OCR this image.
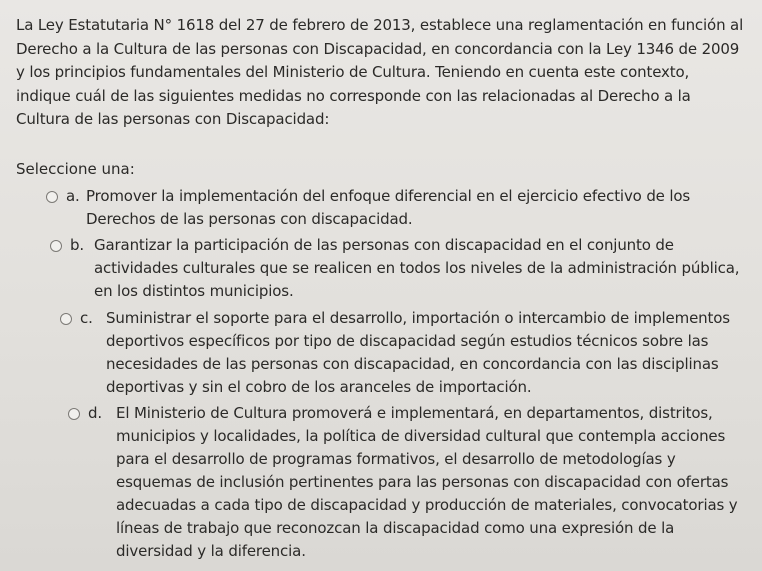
La Ley Estatutaria N° 1618 del 27 de febrero de 2013, establece una reglamentación en función al Derecho a la Cultura de las personas con Discapacidad, en concordancia con la Ley 1346 de 2009 y los principios fundamentales del Ministerio de Cultura. Teniendo en cuenta este contexto, indique cuál de las siguientes medidas no corresponde con las relacionadas al Derecho a la Cultura de las personas con Discapacidad:

Seleccione una:
a. Promover la implementación del enfoque diferencial en el ejercicio efectivo de los Derechos de las personas con discapacidad.
b. Garantizar la participación de las personas con discapacidad en el conjunto de actividades culturales que se realicen en todos los niveles de la administración pública, en los distintos municipios.
c. Suministrar el soporte para el desarrollo, importación o intercambio de implementos deportivos específicos por tipo de discapacidad según estudios técnicos sobre las necesidades de las personas con discapacidad, en concordancia con las disciplinas deportivas y sin el cobro de los aranceles de importación.
d. El Ministerio de Cultura promoverá e implementará, en departamentos, distritos, municipios y localidades, la política de diversidad cultural que contempla acciones para el desarrollo de programas formativos, el desarrollo de metodologías y esquemas de inclusión pertinentes para las personas con discapacidad con ofertas adecuadas a cada tipo de discapacidad y producción de materiales, convocatorias y líneas de trabajo que reconozcan la discapacidad como una expresión de la diversidad y la diferencia.
